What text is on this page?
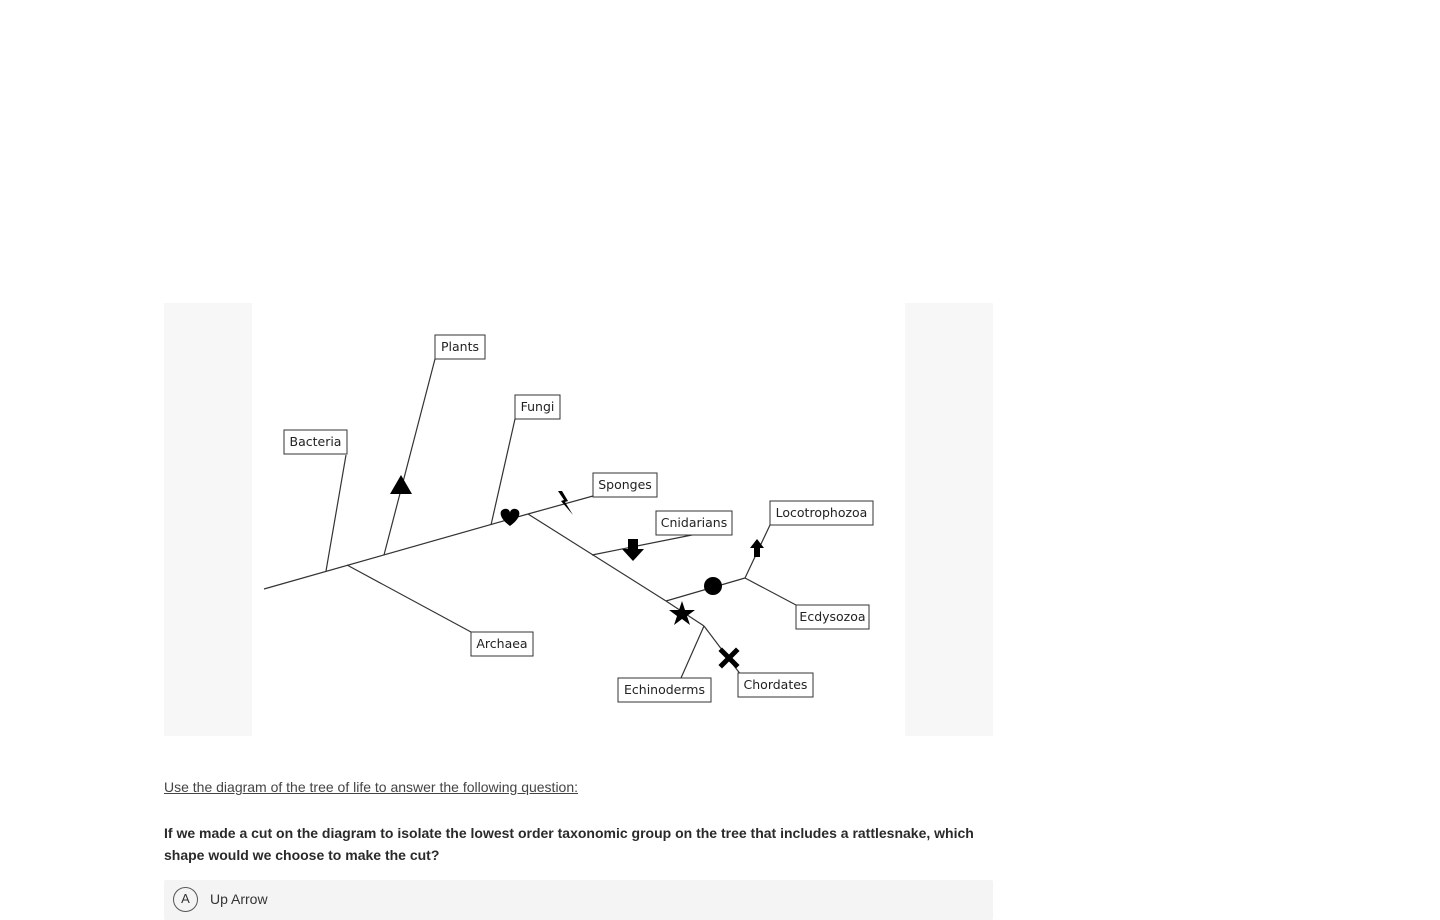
Bacteria
Plants
Fungi
Sponges
Cnidarians
Locotrophozoa
Ecdysozoa
Archaea
Echinoderms	Chordates
Use the diagram of the tree of life to answer the following question:
If we made a cut on the diagram to isolate the lowest order taxonomic group on the tree that includes a rattlesnake, which shape would we choose to make the cut?
A	Up Arrow
